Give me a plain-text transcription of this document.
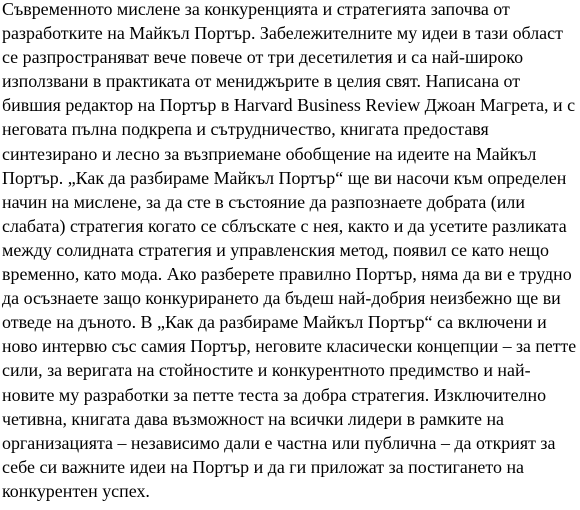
Съвременното мислене за конкуренцията и стратегията започва от
разработките на Майкъл Портър. Забележителните му идеи в тази област
се разпространяват вече повече от три десетилетия и са най-широко
използвани в практиката от мениджърите в целия свят. Написана от
бившия редактор на Портър в Harvard Business Review Джоан Магрета, и с
неговата пълна подкрепа и сътрудничество, книгата предоставя
синтезирано и лесно за възприемане обобщение на идеите на Майкъл
Портър. „Как да разбираме Майкъл Портър“ ще ви насочи към определен
начин на мислене, за да сте в състояние да разпознаете добрата (или
слабата) стратегия когато се сблъскате с нея, както и да усетите разликата
между солидната стратегия и управленския метод, появил се като нещо
временно, като мода. Ако разберете правилно Портър, няма да ви е трудно
да осъзнаете защо конкурирането да бъдеш най-добрия неизбежно ще ви
отведе на дъното. В „Как да разбираме Майкъл Портър“ са включени и
ново интервю със самия Портър, неговите класически концепции – за петте
сили, за веригата на стойностите и конкурентното предимство и най-
новите му разработки за петте теста за добра стратегия. Изключително
четивна, книгата дава възможност на всички лидери в рамките на
организацията – независимо дали е частна или публична – да открият за
себе си важните идеи на Портър и да ги приложат за постигането на
конкурентен успех.
